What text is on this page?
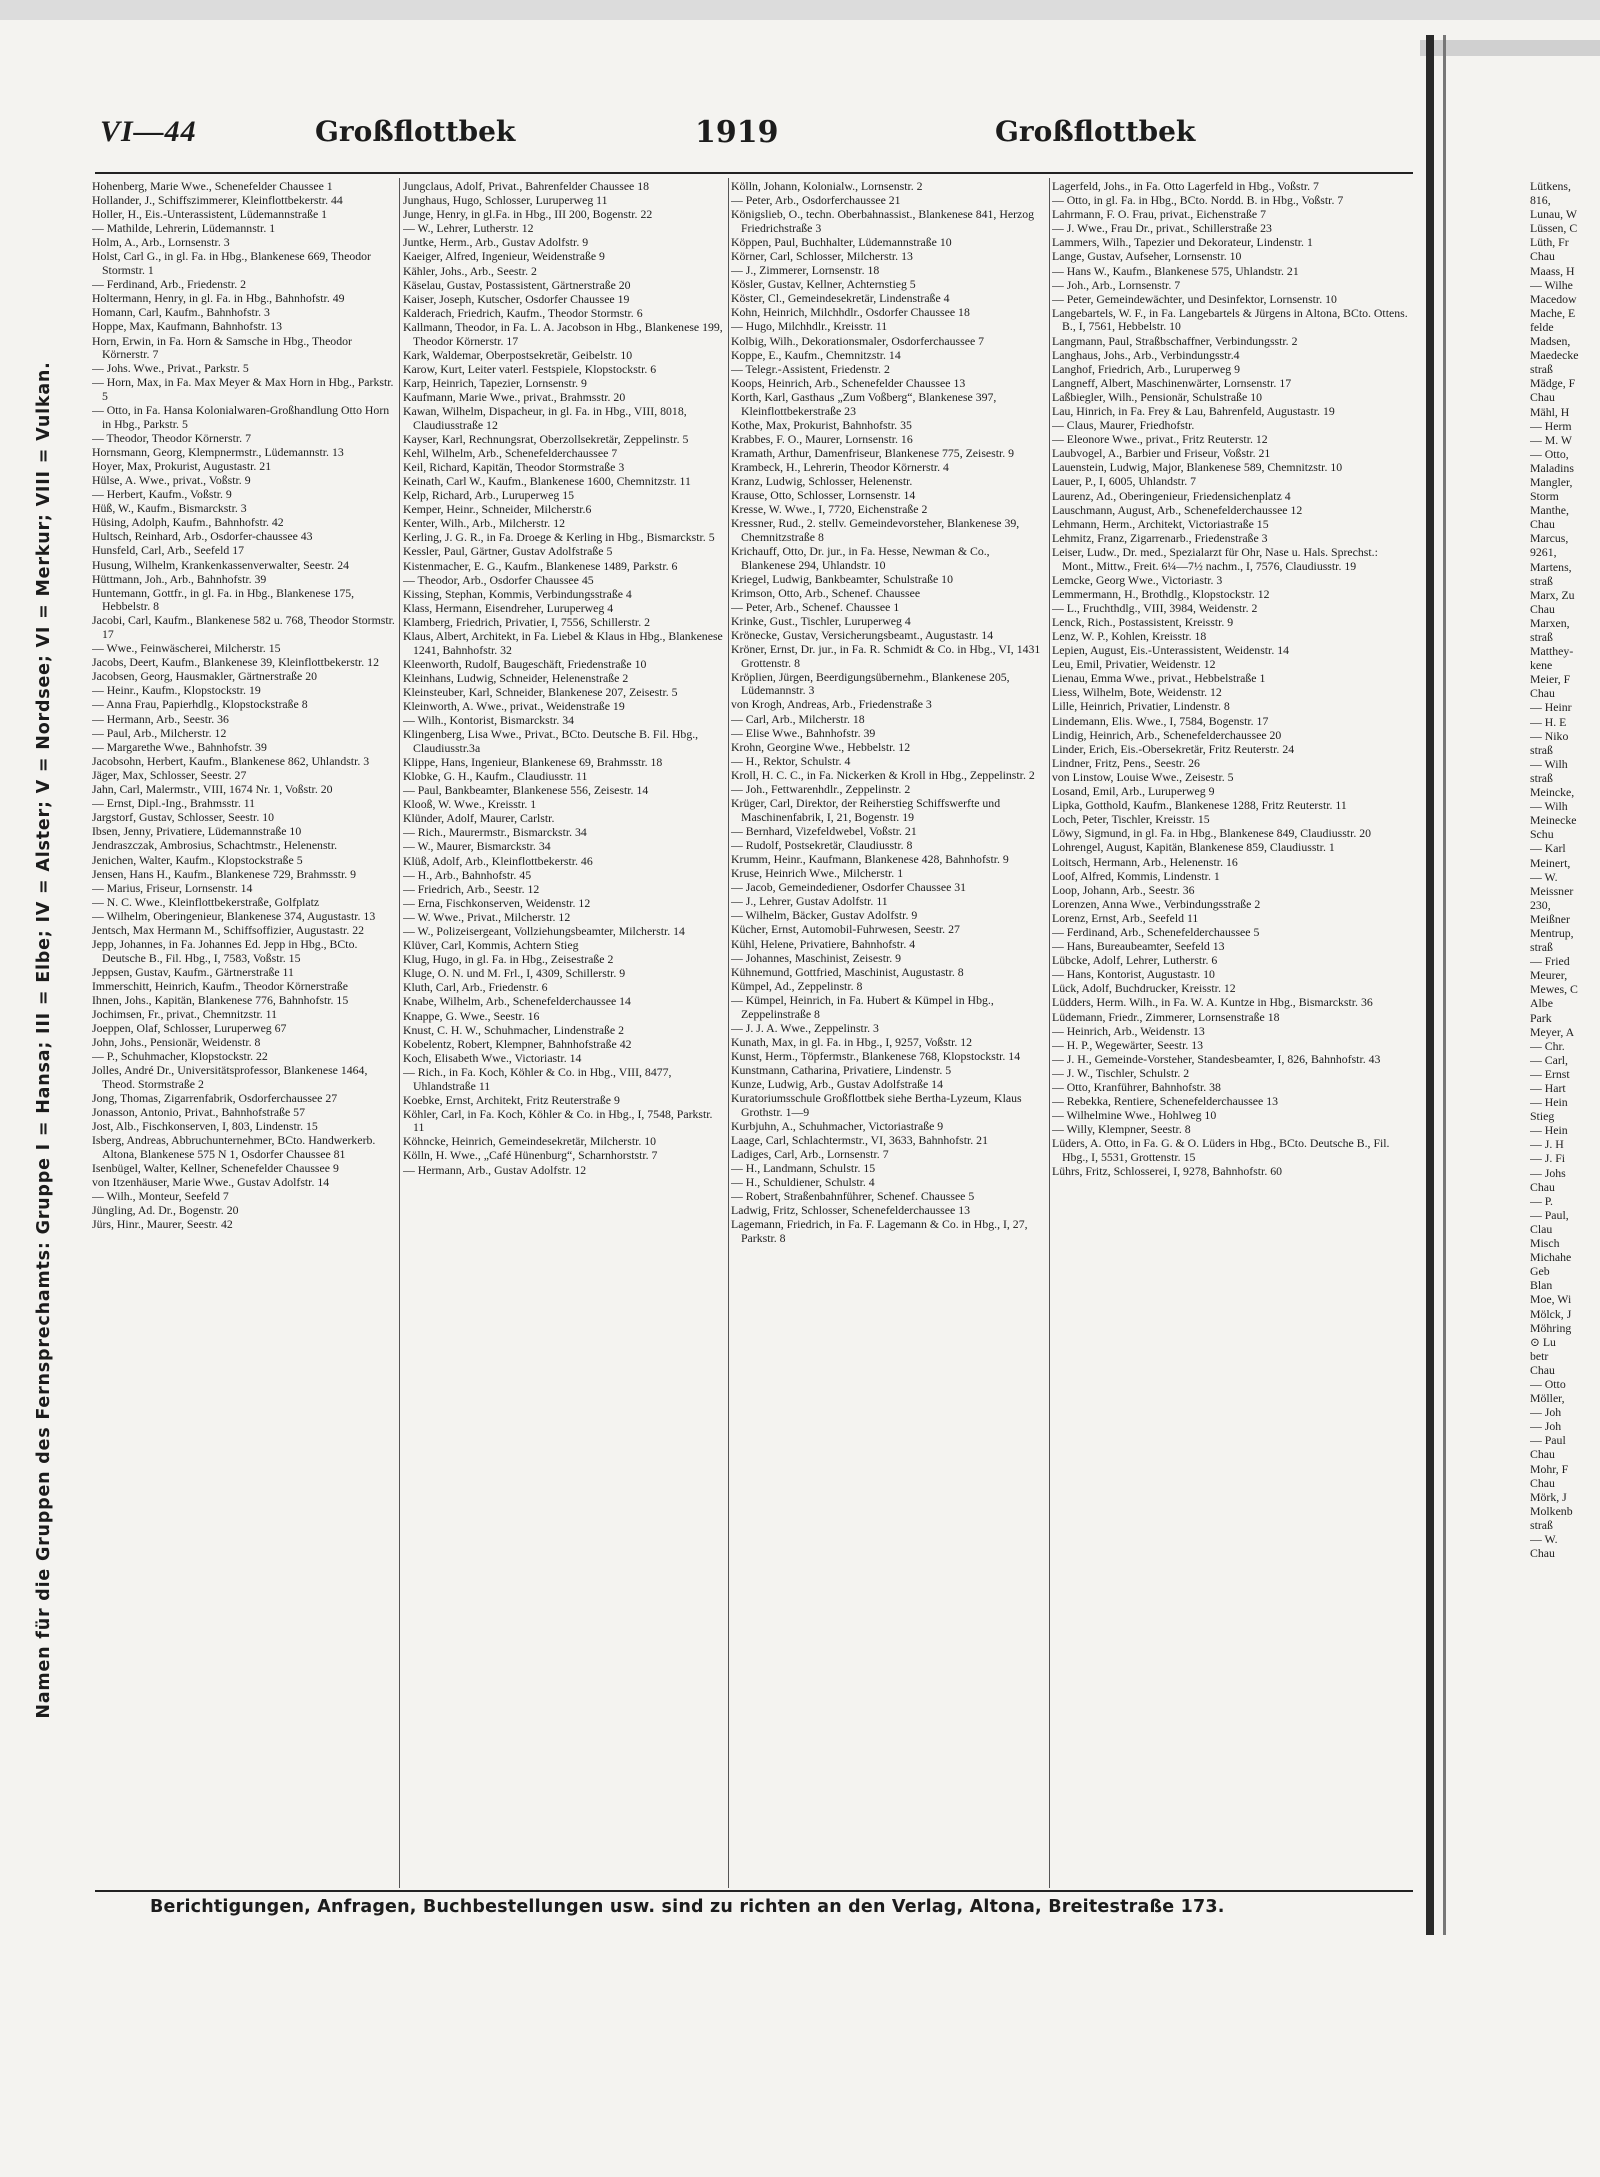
VI—44	Großflottbek	1919	Großflottbek
Namen für die Gruppen des Fernsprechamts: Gruppe I = Hansa; III = Elbe; IV = Alster; V = Nordsee; VI = Merkur; VIII = Vulkan.
Hohenberg, Marie Wwe., Schenefelder Chaussee 1
Hollander, J., Schiffszimmerer, Kleinflottbekerstr. 44
Holler, H., Eis.-Unterassistent, Lüdemannstraße 1
— Mathilde, Lehrerin, Lüdemannstr. 1
Holm, A., Arb., Lornsenstr. 3
Holst, Carl G., in gl. Fa. in Hbg., Blankenese 669, Theodor Stormstr. 1
— Ferdinand, Arb., Friedenstr. 2
Holtermann, Henry, in gl. Fa. in Hbg., Bahnhofstr. 49
Homann, Carl, Kaufm., Bahnhofstr. 3
Hoppe, Max, Kaufmann, Bahnhofstr. 13
Horn, Erwin, in Fa. Horn & Samsche in Hbg., Theodor Körnerstr. 7
— Johs. Wwe., Privat., Parkstr. 5
— Horn, Max, in Fa. Max Meyer & Max Horn in Hbg., Parkstr. 5
— Otto, in Fa. Hansa Kolonialwaren-Großhandlung Otto Horn in Hbg., Parkstr. 5
— Theodor, Theodor Körnerstr. 7
Hornsmann, Georg, Klempnermstr., Lüdemannstr. 13
Hoyer, Max, Prokurist, Augustastr. 21
Hülse, A. Wwe., privat., Voßstr. 9
— Herbert, Kaufm., Voßstr. 9
Hüß, W., Kaufm., Bismarckstr. 3
Hüsing, Adolph, Kaufm., Bahnhofstr. 42
Hultsch, Reinhard, Arb., Osdorfer-chaussee 43
Hunsfeld, Carl, Arb., Seefeld 17
Husung, Wilhelm, Krankenkassenverwalter, Seestr. 24
Hüttmann, Joh., Arb., Bahnhofstr. 39
Huntemann, Gottfr., in gl. Fa. in Hbg., Blankenese 175, Hebbelstr. 8
Jacobi, Carl, Kaufm., Blankenese 582 u. 768, Theodor Stormstr. 17
— Wwe., Feinwäscherei, Milcherstr. 15
Jacobs, Deert, Kaufm., Blankenese 39, Kleinflottbekerstr. 12
Jacobsen, Georg, Hausmakler, Gärtnerstraße 20
— Heinr., Kaufm., Klopstockstr. 19
— Anna Frau, Papierhdlg., Klopstockstraße 8
— Hermann, Arb., Seestr. 36
— Paul, Arb., Milcherstr. 12
— Margarethe Wwe., Bahnhofstr. 39
Jacobsohn, Herbert, Kaufm., Blankenese 862, Uhlandstr. 3
Jäger, Max, Schlosser, Seestr. 27
Jahn, Carl, Malermstr., VIII, 1674 Nr. 1, Voßstr. 20
— Ernst, Dipl.-Ing., Brahmsstr. 11
Jargstorf, Gustav, Schlosser, Seestr. 10
Ibsen, Jenny, Privatiere, Lüdemannstraße 10
Jendraszczak, Ambrosius, Schachtmstr., Helenenstr.
Jenichen, Walter, Kaufm., Klopstockstraße 5
Jensen, Hans H., Kaufm., Blankenese 729, Brahmsstr. 9
— Marius, Friseur, Lornsenstr. 14
— N. C. Wwe., Kleinflottbekerstraße, Golfplatz
— Wilhelm, Oberingenieur, Blankenese 374, Augustastr. 13
Jentsch, Max Hermann M., Schiffsoffizier, Augustastr. 22
Jepp, Johannes, in Fa. Johannes Ed. Jepp in Hbg., BCto. Deutsche B., Fil. Hbg., I, 7583, Voßstr. 15
Jeppsen, Gustav, Kaufm., Gärtnerstraße 11
Immerschitt, Heinrich, Kaufm., Theodor Körnerstraße
Ihnen, Johs., Kapitän, Blankenese 776, Bahnhofstr. 15
Jochimsen, Fr., privat., Chemnitzstr. 11
Joeppen, Olaf, Schlosser, Luruperweg 67
John, Johs., Pensionär, Weidenstr. 8
— P., Schuhmacher, Klopstockstr. 22
Jolles, André Dr., Universitätsprofessor, Blankenese 1464, Theod. Stormstraße 2
Jong, Thomas, Zigarrenfabrik, Osdorferchaussee 27
Jonasson, Antonio, Privat., Bahnhofstraße 57
Jost, Alb., Fischkonserven, I, 803, Lindenstr. 15
Isberg, Andreas, Abbruchunternehmer, BCto. Handwerkerb. Altona, Blankenese 575 N 1, Osdorfer Chaussee 81
Isenbügel, Walter, Kellner, Schenefelder Chaussee 9
von Itzenhäuser, Marie Wwe., Gustav Adolfstr. 14
— Wilh., Monteur, Seefeld 7
Jüngling, Ad. Dr., Bogenstr. 20
Jürs, Hinr., Maurer, Seestr. 42
Jungclaus, Adolf, Privat., Bahrenfelder Chaussee 18
Junghaus, Hugo, Schlosser, Luruperweg 11
Junge, Henry, in gl.Fa. in Hbg., III 200, Bogenstr. 22
— W., Lehrer, Lutherstr. 12
Juntke, Herm., Arb., Gustav Adolfstr. 9
Kaeiger, Alfred, Ingenieur, Weidenstraße 9
Kähler, Johs., Arb., Seestr. 2
Käselau, Gustav, Postassistent, Gärtnerstraße 20
Kaiser, Joseph, Kutscher, Osdorfer Chaussee 19
Kalderach, Friedrich, Kaufm., Theodor Stormstr. 6
Kallmann, Theodor, in Fa. L. A. Jacobson in Hbg., Blankenese 199, Theodor Körnerstr. 17
Kark, Waldemar, Oberpostsekretär, Geibelstr. 10
Karow, Kurt, Leiter vaterl. Festspiele, Klopstockstr. 6
Karp, Heinrich, Tapezier, Lornsenstr. 9
Kaufmann, Marie Wwe., privat., Brahmsstr. 20
Kawan, Wilhelm, Dispacheur, in gl. Fa. in Hbg., VIII, 8018, Claudiusstraße 12
Kayser, Karl, Rechnungsrat, Oberzollsekretär, Zeppelinstr. 5
Kehl, Wilhelm, Arb., Schenefelderchaussee 7
Keil, Richard, Kapitän, Theodor Stormstraße 3
Keinath, Carl W., Kaufm., Blankenese 1600, Chemnitzstr. 11
Kelp, Richard, Arb., Luruperweg 15
Kemper, Heinr., Schneider, Milcherstr.6
Kenter, Wilh., Arb., Milcherstr. 12
Kerling, J. G. R., in Fa. Droege & Kerling in Hbg., Bismarckstr. 5
Kessler, Paul, Gärtner, Gustav Adolfstraße 5
Kistenmacher, E. G., Kaufm., Blankenese 1489, Parkstr. 6
— Theodor, Arb., Osdorfer Chaussee 45
Kissing, Stephan, Kommis, Verbindungsstraße 4
Klass, Hermann, Eisendreher, Luruperweg 4
Klamberg, Friedrich, Privatier, I, 7556, Schillerstr. 2
Klaus, Albert, Architekt, in Fa. Liebel & Klaus in Hbg., Blankenese 1241, Bahnhofstr. 32
Kleenworth, Rudolf, Baugeschäft, Friedenstraße 10
Kleinhans, Ludwig, Schneider, Helenenstraße 2
Kleinsteuber, Karl, Schneider, Blankenese 207, Zeisestr. 5
Kleinworth, A. Wwe., privat., Weidenstraße 19
— Wilh., Kontorist, Bismarckstr. 34
Klingenberg, Lisa Wwe., Privat., BCto. Deutsche B. Fil. Hbg., Claudiusstr.3a
Klippe, Hans, Ingenieur, Blankenese 69, Brahmsstr. 18
Klobke, G. H., Kaufm., Claudiusstr. 11
— Paul, Bankbeamter, Blankenese 556, Zeisestr. 14
Klooß, W. Wwe., Kreisstr. 1
Klünder, Adolf, Maurer, Carlstr.
— Rich., Maurermstr., Bismarckstr. 34
— W., Maurer, Bismarckstr. 34
Klüß, Adolf, Arb., Kleinflottbekerstr. 46
— H., Arb., Bahnhofstr. 45
— Friedrich, Arb., Seestr. 12
— Erna, Fischkonserven, Weidenstr. 12
— W. Wwe., Privat., Milcherstr. 12
— W., Polizeisergeant, Vollziehungsbeamter, Milcherstr. 14
Klüver, Carl, Kommis, Achtern Stieg
Klug, Hugo, in gl. Fa. in Hbg., Zeisestraße 2
Kluge, O. N. und M. Frl., I, 4309, Schillerstr. 9
Kluth, Carl, Arb., Friedenstr. 6
Knabe, Wilhelm, Arb., Schenefelderchaussee 14
Knappe, G. Wwe., Seestr. 16
Knust, C. H. W., Schuhmacher, Lindenstraße 2
Kobelentz, Robert, Klempner, Bahnhofstraße 42
Koch, Elisabeth Wwe., Victoriastr. 14
— Rich., in Fa. Koch, Köhler & Co. in Hbg., VIII, 8477, Uhlandstraße 11
Koebke, Ernst, Architekt, Fritz Reuterstraße 9
Köhler, Carl, in Fa. Koch, Köhler & Co. in Hbg., I, 7548, Parkstr. 11
Köhncke, Heinrich, Gemeindesekretär, Milcherstr. 10
Kölln, H. Wwe., „Café Hünenburg“, Scharnhorststr. 7
— Hermann, Arb., Gustav Adolfstr. 12
Kölln, Johann, Kolonialw., Lornsenstr. 2
— Peter, Arb., Osdorferchaussee 21
Königslieb, O., techn. Oberbahnassist., Blankenese 841, Herzog Friedrichstraße 3
Köppen, Paul, Buchhalter, Lüdemannstraße 10
Körner, Carl, Schlosser, Milcherstr. 13
— J., Zimmerer, Lornsenstr. 18
Kösler, Gustav, Kellner, Achternstieg 5
Köster, Cl., Gemeindesekretär, Lindenstraße 4
Kohn, Heinrich, Milchhdlr., Osdorfer Chaussee 18
— Hugo, Milchhdlr., Kreisstr. 11
Kolbig, Wilh., Dekorationsmaler, Osdorferchaussee 7
Koppe, E., Kaufm., Chemnitzstr. 14
— Telegr.-Assistent, Friedenstr. 2
Koops, Heinrich, Arb., Schenefelder Chaussee 13
Korth, Karl, Gasthaus „Zum Voßberg“, Blankenese 397, Kleinflottbekerstraße 23
Kothe, Max, Prokurist, Bahnhofstr. 35
Krabbes, F. O., Maurer, Lornsenstr. 16
Kramath, Arthur, Damenfriseur, Blankenese 775, Zeisestr. 9
Krambeck, H., Lehrerin, Theodor Körnerstr. 4
Kranz, Ludwig, Schlosser, Helenenstr.
Krause, Otto, Schlosser, Lornsenstr. 14
Kresse, W. Wwe., I, 7720, Eichenstraße 2
Kressner, Rud., 2. stellv. Gemeindevorsteher, Blankenese 39, Chemnitzstraße 8
Krichauff, Otto, Dr. jur., in Fa. Hesse, Newman & Co., Blankenese 294, Uhlandstr. 10
Kriegel, Ludwig, Bankbeamter, Schulstraße 10
Krimson, Otto, Arb., Schenef. Chaussee
— Peter, Arb., Schenef. Chaussee 1
Krinke, Gust., Tischler, Luruperweg 4
Krönecke, Gustav, Versicherungsbeamt., Augustastr. 14
Kröner, Ernst, Dr. jur., in Fa. R. Schmidt & Co. in Hbg., VI, 1431 Grottenstr. 8
Kröplien, Jürgen, Beerdigungsübernehm., Blankenese 205, Lüdemannstr. 3
von Krogh, Andreas, Arb., Friedenstraße 3
— Carl, Arb., Milcherstr. 18
— Elise Wwe., Bahnhofstr. 39
Krohn, Georgine Wwe., Hebbelstr. 12
— H., Rektor, Schulstr. 4
Kroll, H. C. C., in Fa. Nickerken & Kroll in Hbg., Zeppelinstr. 2
— Joh., Fettwarenhdlr., Zeppelinstr. 2
Krüger, Carl, Direktor, der Reiherstieg Schiffswerfte und Maschinenfabrik, I, 21, Bogenstr. 19
— Bernhard, Vizefeldwebel, Voßstr. 21
— Rudolf, Postsekretär, Claudiusstr. 8
Krumm, Heinr., Kaufmann, Blankenese 428, Bahnhofstr. 9
Kruse, Heinrich Wwe., Milcherstr. 1
— Jacob, Gemeindediener, Osdorfer Chaussee 31
— J., Lehrer, Gustav Adolfstr. 11
— Wilhelm, Bäcker, Gustav Adolfstr. 9
Kücher, Ernst, Automobil-Fuhrwesen, Seestr. 27
Kühl, Helene, Privatiere, Bahnhofstr. 4
— Johannes, Maschinist, Zeisestr. 9
Kühnemund, Gottfried, Maschinist, Augustastr. 8
Kümpel, Ad., Zeppelinstr. 8
— Kümpel, Heinrich, in Fa. Hubert & Kümpel in Hbg., Zeppelinstraße 8
— J. J. A. Wwe., Zeppelinstr. 3
Kunath, Max, in gl. Fa. in Hbg., I, 9257, Voßstr. 12
Kunst, Herm., Töpfermstr., Blankenese 768, Klopstockstr. 14
Kunstmann, Catharina, Privatiere, Lindenstr. 5
Kunze, Ludwig, Arb., Gustav Adolfstraße 14
Kuratoriumsschule Großflottbek siehe Bertha-Lyzeum, Klaus Grothstr. 1—9
Kurbjuhn, A., Schuhmacher, Victoriastraße 9
Laage, Carl, Schlachtermstr., VI, 3633, Bahnhofstr. 21
Ladiges, Carl, Arb., Lornsenstr. 7
— H., Landmann, Schulstr. 15
— H., Schuldiener, Schulstr. 4
— Robert, Straßenbahnführer, Schenef. Chaussee 5
Ladwig, Fritz, Schlosser, Schenefelderchaussee 13
Lagemann, Friedrich, in Fa. F. Lagemann & Co. in Hbg., I, 27, Parkstr. 8
Lagerfeld, Johs., in Fa. Otto Lagerfeld in Hbg., Voßstr. 7
— Otto, in gl. Fa. in Hbg., BCto. Nordd. B. in Hbg., Voßstr. 7
Lahrmann, F. O. Frau, privat., Eichenstraße 7
— J. Wwe., Frau Dr., privat., Schillerstraße 23
Lammers, Wilh., Tapezier und Dekorateur, Lindenstr. 1
Lange, Gustav, Aufseher, Lornsenstr. 10
— Hans W., Kaufm., Blankenese 575, Uhlandstr. 21
— Joh., Arb., Lornsenstr. 7
— Peter, Gemeindewächter, und Desinfektor, Lornsenstr. 10
Langebartels, W. F., in Fa. Langebartels & Jürgens in Altona, BCto. Ottens. B., I, 7561, Hebbelstr. 10
Langmann, Paul, Straßbschaffner, Verbindungsstr. 2
Langhaus, Johs., Arb., Verbindungsstr.4
Langhof, Friedrich, Arb., Luruperweg 9
Langneff, Albert, Maschinenwärter, Lornsenstr. 17
Laßbiegler, Wilh., Pensionär, Schulstraße 10
Lau, Hinrich, in Fa. Frey & Lau, Bahrenfeld, Augustastr. 19
— Claus, Maurer, Friedhofstr.
— Eleonore Wwe., privat., Fritz Reuterstr. 12
Laubvogel, A., Barbier und Friseur, Voßstr. 21
Lauenstein, Ludwig, Major, Blankenese 589, Chemnitzstr. 10
Lauer, P., I, 6005, Uhlandstr. 7
Laurenz, Ad., Oberingenieur, Friedensichenplatz 4
Lauschmann, August, Arb., Schenefelderchaussee 12
Lehmann, Herm., Architekt, Victoriastraße 15
Lehmitz, Franz, Zigarrenarb., Friedenstraße 3
Leiser, Ludw., Dr. med., Spezialarzt für Ohr, Nase u. Hals. Sprechst.: Mont., Mittw., Freit. 6¼—7½ nachm., I, 7576, Claudiusstr. 19
Lemcke, Georg Wwe., Victoriastr. 3
Lemmermann, H., Brothdlg., Klopstockstr. 12
— L., Fruchthdlg., VIII, 3984, Weidenstr. 2
Lenck, Rich., Postassistent, Kreisstr. 9
Lenz, W. P., Kohlen, Kreisstr. 18
Lepien, August, Eis.-Unterassistent, Weidenstr. 14
Leu, Emil, Privatier, Weidenstr. 12
Lienau, Emma Wwe., privat., Hebbelstraße 1
Liess, Wilhelm, Bote, Weidenstr. 12
Lille, Heinrich, Privatier, Lindenstr. 8
Lindemann, Elis. Wwe., I, 7584, Bogenstr. 17
Lindig, Heinrich, Arb., Schenefelderchaussee 20
Linder, Erich, Eis.-Obersekretär, Fritz Reuterstr. 24
Lindner, Fritz, Pens., Seestr. 26
von Linstow, Louise Wwe., Zeisestr. 5
Losand, Emil, Arb., Luruperweg 9
Lipka, Gotthold, Kaufm., Blankenese 1288, Fritz Reuterstr. 11
Loch, Peter, Tischler, Kreisstr. 15
Löwy, Sigmund, in gl. Fa. in Hbg., Blankenese 849, Claudiusstr. 20
Lohrengel, August, Kapitän, Blankenese 859, Claudiusstr. 1
Loitsch, Hermann, Arb., Helenenstr. 16
Loof, Alfred, Kommis, Lindenstr. 1
Loop, Johann, Arb., Seestr. 36
Lorenzen, Anna Wwe., Verbindungsstraße 2
Lorenz, Ernst, Arb., Seefeld 11
— Ferdinand, Arb., Schenefelderchaussee 5
— Hans, Bureaubeamter, Seefeld 13
Lübcke, Adolf, Lehrer, Lutherstr. 6
— Hans, Kontorist, Augustastr. 10
Lück, Adolf, Buchdrucker, Kreisstr. 12
Lüdders, Herm. Wilh., in Fa. W. A. Kuntze in Hbg., Bismarckstr. 36
Lüdemann, Friedr., Zimmerer, Lornsenstraße 18
— Heinrich, Arb., Weidenstr. 13
— H. P., Wegewärter, Seestr. 13
— J. H., Gemeinde-Vorsteher, Standesbeamter, I, 826, Bahnhofstr. 43
— J. W., Tischler, Schulstr. 2
— Otto, Kranführer, Bahnhofstr. 38
— Rebekka, Rentiere, Schenefelderchaussee 13
— Wilhelmine Wwe., Hohlweg 10
— Willy, Klempner, Seestr. 8
Lüders, A. Otto, in Fa. G. & O. Lüders in Hbg., BCto. Deutsche B., Fil. Hbg., I, 5531, Grottenstr. 15
Lührs, Fritz, Schlosserei, I, 9278, Bahnhofstr. 60
Lütkens,
816,
Lunau, W
Lüssen, C
Lüth, Fr
Chau
Maass, H
— Wilhe
Macedow
Mache, E
felde
Madsen,
Maedecke
straß
Mädge, F
Chau
Mähl, H
— Herm
— M. W
— Otto,
Maladins
Mangler,
Storm
Manthe,
Chau
Marcus,
9261,
Martens,
straß
Marx, Zu
Chau
Marxen,
straß
Matthey-
kene
Meier, F
Chau
— Heinr
— H. E
— Niko
straß
— Wilh
straß
Meincke,
— Wilh
Meinecke
Schu
— Karl
Meinert,
— W.
Meissner
230,
Meißner
Mentrup,
straß
— Fried
Meurer,
Mewes, C
Albe
Park
Meyer, A
— Chr.
— Carl,
— Ernst
— Hart
— Hein
Stieg
— Hein
— J. H
— J. Fi
— Johs
Chau
— P.
— Paul,
Clau
Misch
Michahe
Geb
Blan
Moe, Wi
Mölck, J
Möhring
⊙ Lu
betr
Chau
— Otto
Möller,
— Joh
— Joh
— Paul
Chau
Mohr, F
Chau
Mörk, J
Molkenb
straß
— W.
Chau
Berichtigungen, Anfragen, Buchbestellungen usw. sind zu richten an den Verlag, Altona, Breitestraße 173.
